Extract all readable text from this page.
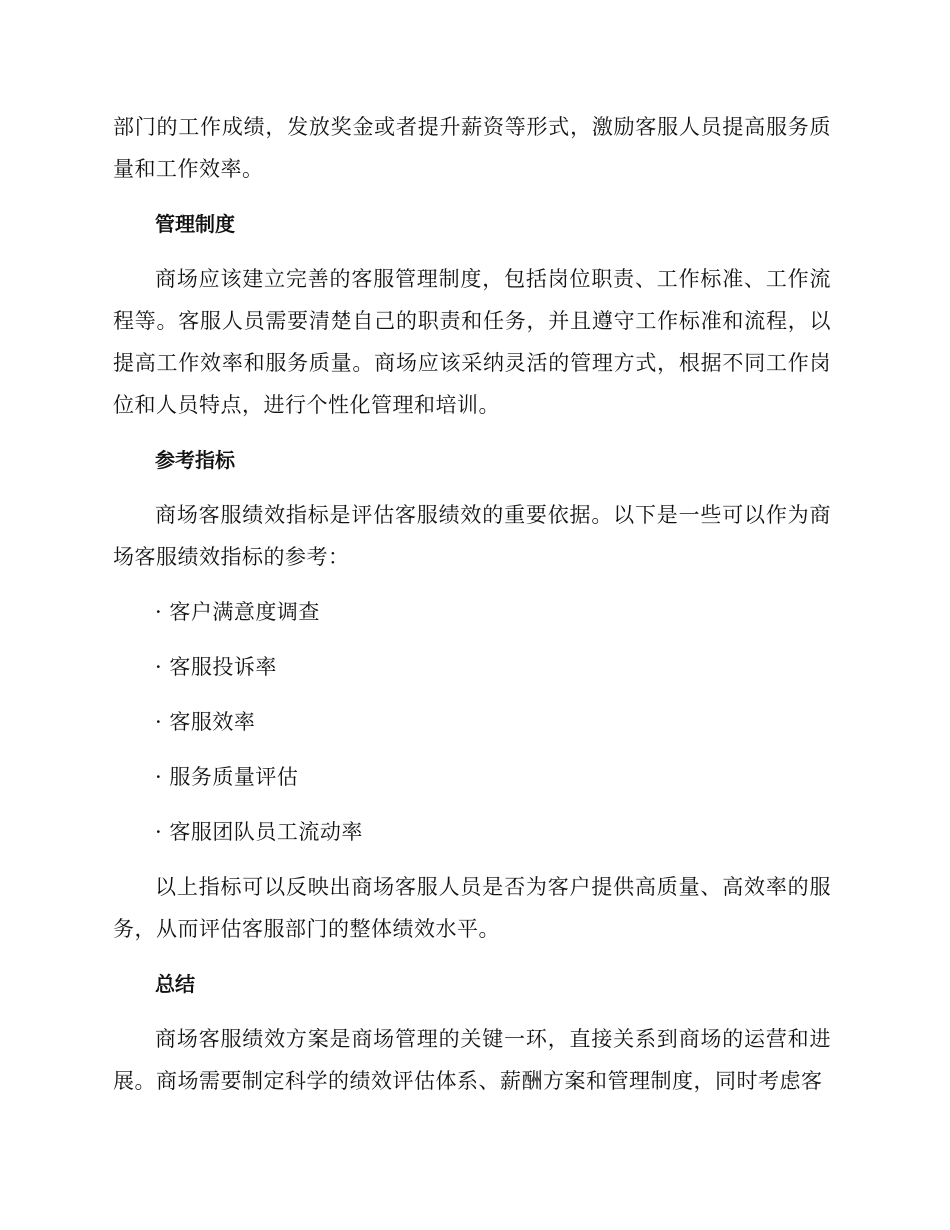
部门的工作成绩，发放奖金或者提升薪资等形式，激励客服人员提高服务质量和工作效率。

管理制度

商场应该建立完善的客服管理制度，包括岗位职责、工作标准、工作流程等。客服人员需要清楚自己的职责和任务，并且遵守工作标准和流程，以提高工作效率和服务质量。商场应该采纳灵活的管理方式，根据不同工作岗位和人员特点，进行个性化管理和培训。

参考指标

商场客服绩效指标是评估客服绩效的重要依据。以下是一些可以作为商场客服绩效指标的参考：

· 客户满意度调查

· 客服投诉率

· 客服效率

· 服务质量评估

· 客服团队员工流动率

以上指标可以反映出商场客服人员是否为客户提供高质量、高效率的服务，从而评估客服部门的整体绩效水平。

总结

商场客服绩效方案是商场管理的关键一环，直接关系到商场的运营和进展。商场需要制定科学的绩效评估体系、薪酬方案和管理制度，同时考虑客
